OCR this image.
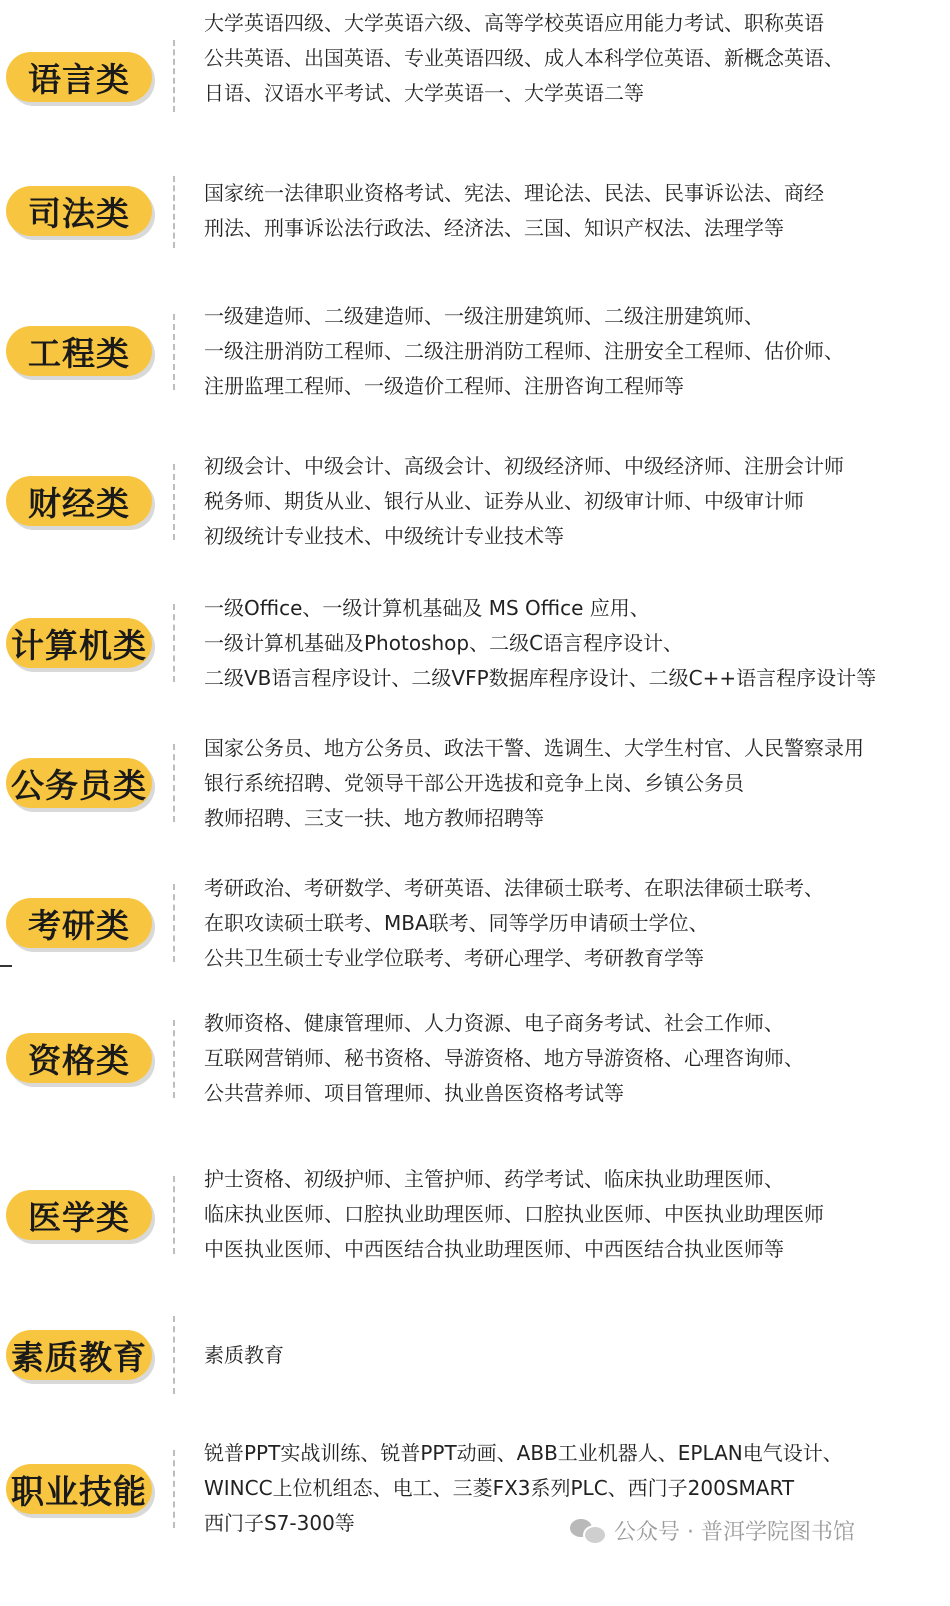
语言类
大学英语四级、大学英语六级、高等学校英语应用能力考试、职称英语
公共英语、出国英语、专业英语四级、成人本科学位英语、新概念英语、
日语、汉语水平考试、大学英语一、大学英语二等
司法类
国家统一法律职业资格考试、宪法、理论法、民法、民事诉讼法、商经
刑法、刑事诉讼法行政法、经济法、三国、知识产权法、法理学等
工程类
一级建造师、二级建造师、一级注册建筑师、二级注册建筑师、
一级注册消防工程师、二级注册消防工程师、注册安全工程师、估价师、
注册监理工程师、一级造价工程师、注册咨询工程师等
财经类
初级会计、中级会计、高级会计、初级经济师、中级经济师、注册会计师
税务师、期货从业、银行从业、证券从业、初级审计师、中级审计师
初级统计专业技术、中级统计专业技术等
计算机类
一级Office、一级计算机基础及 MS Office 应用、
一级计算机基础及Photoshop、二级C语言程序设计、
二级VB语言程序设计、二级VFP数据库程序设计、二级C++语言程序设计等
公务员类
国家公务员、地方公务员、政法干警、选调生、大学生村官、人民警察录用
银行系统招聘、党领导干部公开选拔和竞争上岗、乡镇公务员
教师招聘、三支一扶、地方教师招聘等
考研类
考研政治、考研数学、考研英语、法律硕士联考、在职法律硕士联考、
在职攻读硕士联考、MBA联考、同等学历申请硕士学位、
公共卫生硕士专业学位联考、考研心理学、考研教育学等
资格类
教师资格、健康管理师、人力资源、电子商务考试、社会工作师、
互联网营销师、秘书资格、导游资格、地方导游资格、心理咨询师、
公共营养师、项目管理师、执业兽医资格考试等
医学类
护士资格、初级护师、主管护师、药学考试、临床执业助理医师、
临床执业医师、口腔执业助理医师、口腔执业医师、中医执业助理医师
中医执业医师、中西医结合执业助理医师、中西医结合执业医师等
素质教育	素质教育
职业技能
锐普PPT实战训练、锐普PPT动画、ABB工业机器人、EPLAN电气设计、
WINCC上位机组态、电工、三菱FX3系列PLC、西门子200SMART
西门子S7-300等	公众号 · 普洱学院图书馆
